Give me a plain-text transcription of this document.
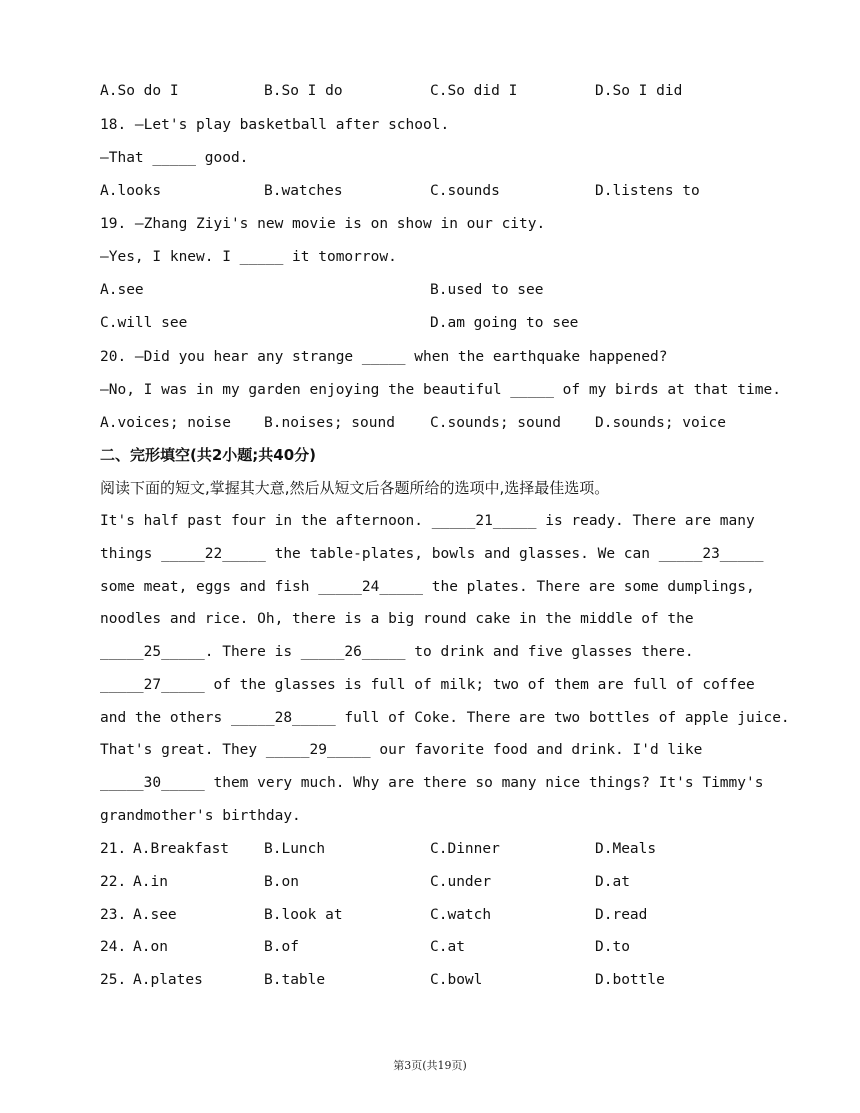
A.So do I	B.So I do	C.So did I	D.So I did
18. —Let's play basketball after school.
—That _____ good.
A.looks	B.watches	C.sounds	D.listens to
19. —Zhang Ziyi's new movie is on show in our city.
—Yes, I knew. I _____ it tomorrow.
A.see	B.used to see
C.will see	D.am going to see
20. —Did you hear any strange _____ when the earthquake happened?
—No, I was in my garden enjoying the beautiful _____ of my birds at that time.
A.voices; noise B.noises; sound C.sounds; sound D.sounds; voice
二、完形填空(共2小题;共40分)
阅读下面的短文,掌握其大意,然后从短文后各题所给的选项中,选择最佳选项。
It's half past four in the afternoon. _____21_____ is ready. There are many
things _____22_____ the table-plates, bowls and glasses. We can _____23_____
some meat, eggs and fish _____24_____ the plates. There are some dumplings,
noodles and rice. Oh, there is a big round cake in the middle of the
_____25_____. There is _____26_____ to drink and five glasses there.
_____27_____ of the glasses is full of milk; two of them are full of coffee
and the others _____28_____ full of Coke. There are two bottles of apple juice.
That's great. They _____29_____ our favorite food and drink. I'd like
_____30_____ them very much. Why are there so many nice things? It's Timmy's
grandmother's birthday.
21. A.Breakfast B.Lunch	C.Dinner	D.Meals
22. A.in	B.on	C.under	D.at
23. A.see	B.look at	C.watch	D.read
24. A.on	B.of	C.at	D.to
25. A.plates	B.table	C.bowl	D.bottle
第3页(共19页)
